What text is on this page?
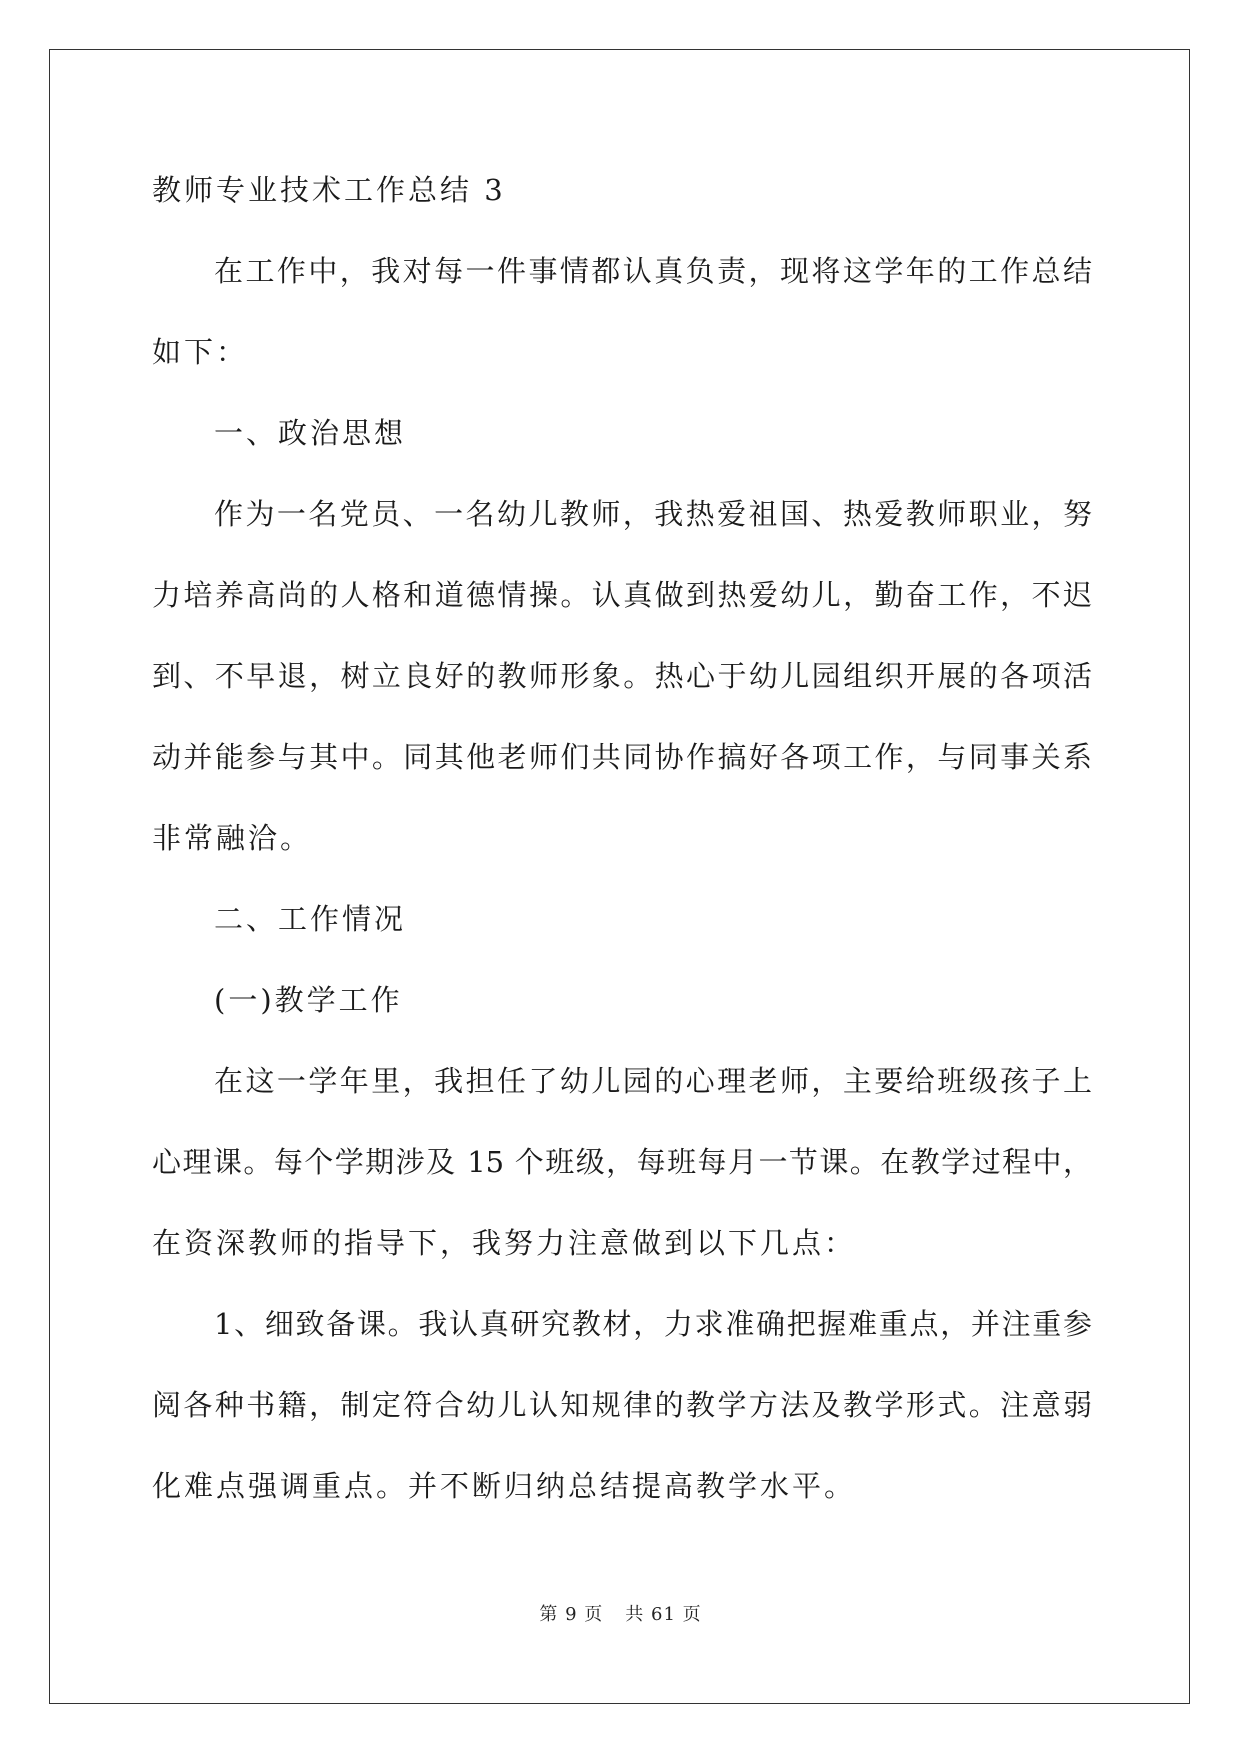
教师专业技术工作总结 3
在工作中，我对每一件事情都认真负责，现将这学年的工作总结
如下：
一、政治思想
作为一名党员、一名幼儿教师，我热爱祖国、热爱教师职业，努
力培养高尚的人格和道德情操。认真做到热爱幼儿，勤奋工作，不迟
到、不早退，树立良好的教师形象。热心于幼儿园组织开展的各项活
动并能参与其中。同其他老师们共同协作搞好各项工作，与同事关系
非常融洽。
二、工作情况
(一)教学工作
在这一学年里，我担任了幼儿园的心理老师，主要给班级孩子上
心理课。每个学期涉及 15 个班级，每班每月一节课。在教学过程中，
在资深教师的指导下，我努力注意做到以下几点：
1、细致备课。我认真研究教材，力求准确把握难重点，并注重参
阅各种书籍，制定符合幼儿认知规律的教学方法及教学形式。注意弱
化难点强调重点。并不断归纳总结提高教学水平。
第 9 页 共 61 页
